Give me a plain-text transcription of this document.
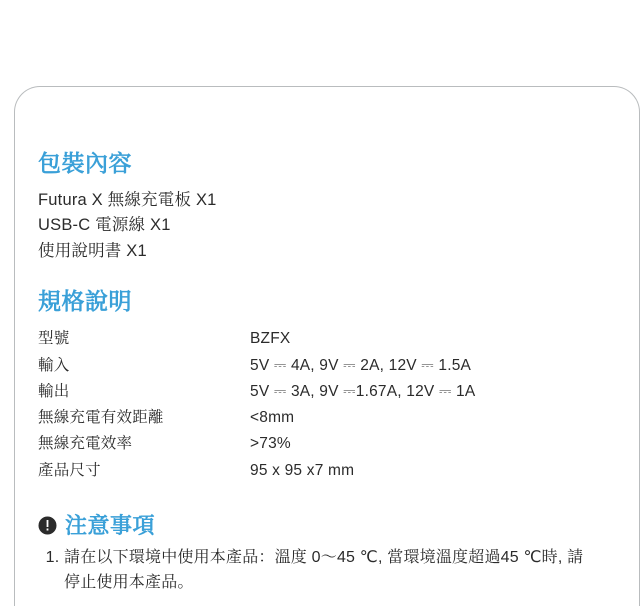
包裝內容
Futura X 無線充電板 X1
USB-C 電源線 X1
使用說明書 X1
規格說明
型號	BZFX
輸入	5V ⎓ 4A, 9V ⎓ 2A, 12V ⎓ 1.5A
輸出	5V ⎓ 3A, 9V ⎓1.67A, 12V ⎓ 1A
無線充電有效距離	<8mm
無線充電效率	>73%
產品尺寸	95 x 95 x7 mm
注意事項
1. 請在以下環境中使用本產品：溫度 0～45 ℃, 當環境溫度超過45 ℃時, 請停止使用本產品。
